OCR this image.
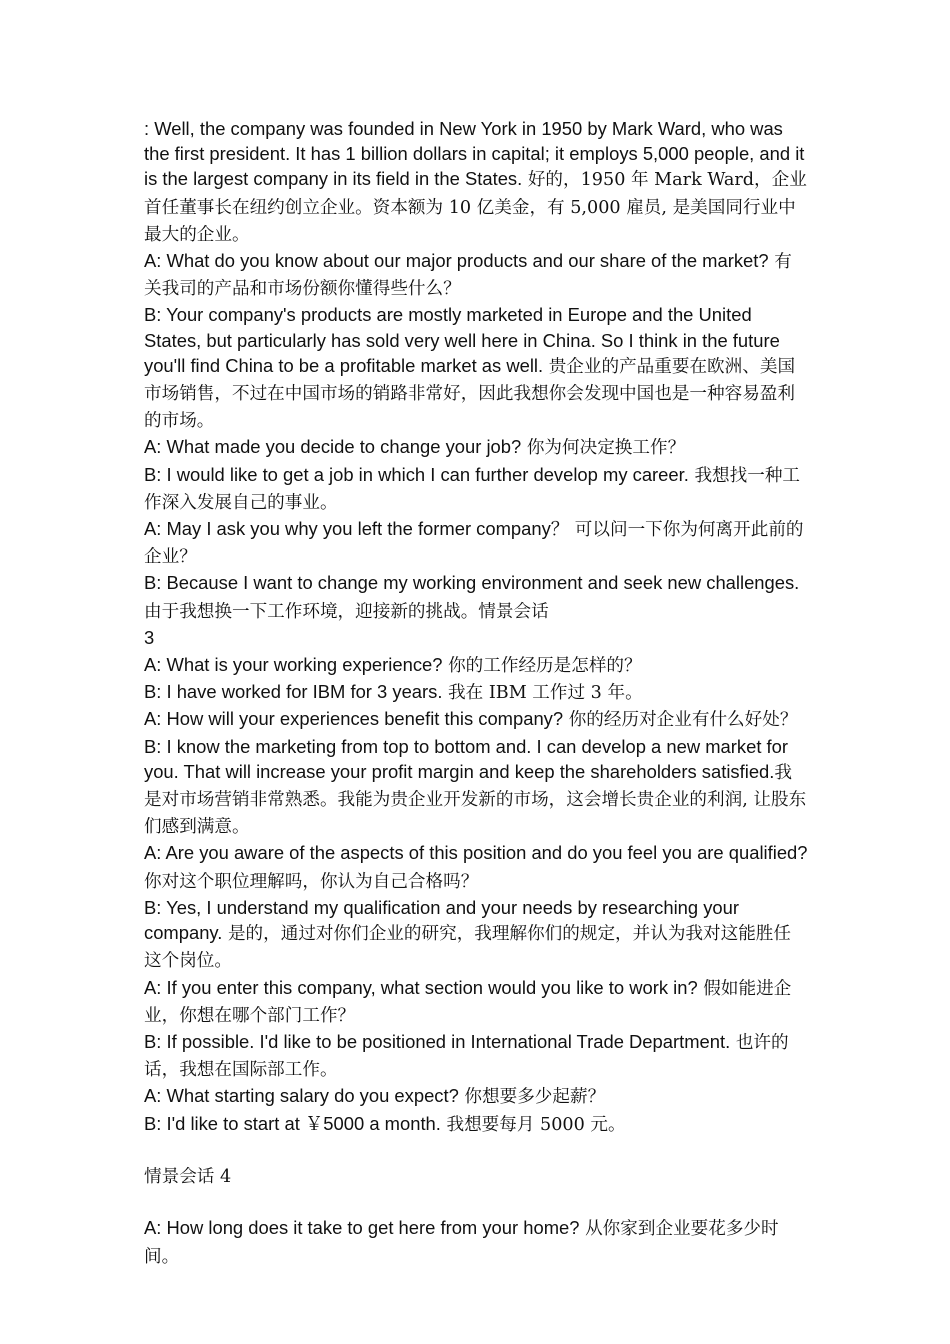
: Well, the company was founded in New York in 1950 by Mark Ward, who was the first president. It has 1 billion dollars in capital; it employs 5,000 people, and it is the largest company in its field in the States. 好的，1950 年 Mark Ward，企业首任董事长在纽约创立企业。资本额为 10 亿美金，有 5,000 雇员, 是美国同行业中最大的企业。

A: What do you know about our major products and our share of the market? 有关我司的产品和市场份额你懂得些什么？

B: Your company's products are mostly marketed in Europe and the United States, but particularly has sold very well here in China. So I think in the future you'll find China to be a profitable market as well. 贵企业的产品重要在欧洲、美国市场销售，不过在中国市场的销路非常好，因此我想你会发现中国也是一种容易盈利的市场。

A: What made you decide to change your job? 你为何决定换工作？

B: I would like to get a job in which I can further develop my career. 我想找一种工作深入发展自己的事业。

A: May I ask you why you left the former company？ 可以问一下你为何离开此前的企业？

B: Because I want to change my working environment and seek new challenges. 由于我想换一下工作环境，迎接新的挑战。情景会话

3

A: What is your working experience? 你的工作经历是怎样的？

B: I have worked for IBM for 3 years. 我在 IBM 工作过 3 年。

A: How will your experiences benefit this company? 你的经历对企业有什么好处？

B: I know the marketing from top to bottom and. I can develop a new market for you. That will increase your profit margin and keep the shareholders satisfied.我是对市场营销非常熟悉。我能为贵企业开发新的市场，这会增长贵企业的利润, 让股东们感到满意。

A: Are you aware of the aspects of this position and do you feel you are qualified? 你对这个职位理解吗，你认为自己合格吗？

B: Yes, I understand my qualification and your needs by researching your company. 是的，通过对你们企业的研究，我理解你们的规定，并认为我对这能胜任这个岗位。

A: If you enter this company, what section would you like to work in? 假如能进企业，你想在哪个部门工作？

B: If possible. I'd like to be positioned in International Trade Department. 也许的话，我想在国际部工作。

A: What starting salary do you expect? 你想要多少起薪？

B: I'd like to start at ￥5000 a month. 我想要每月 5000 元。

情景会话 4

A: How long does it take to get here from your home? 从你家到企业要花多少时间。
